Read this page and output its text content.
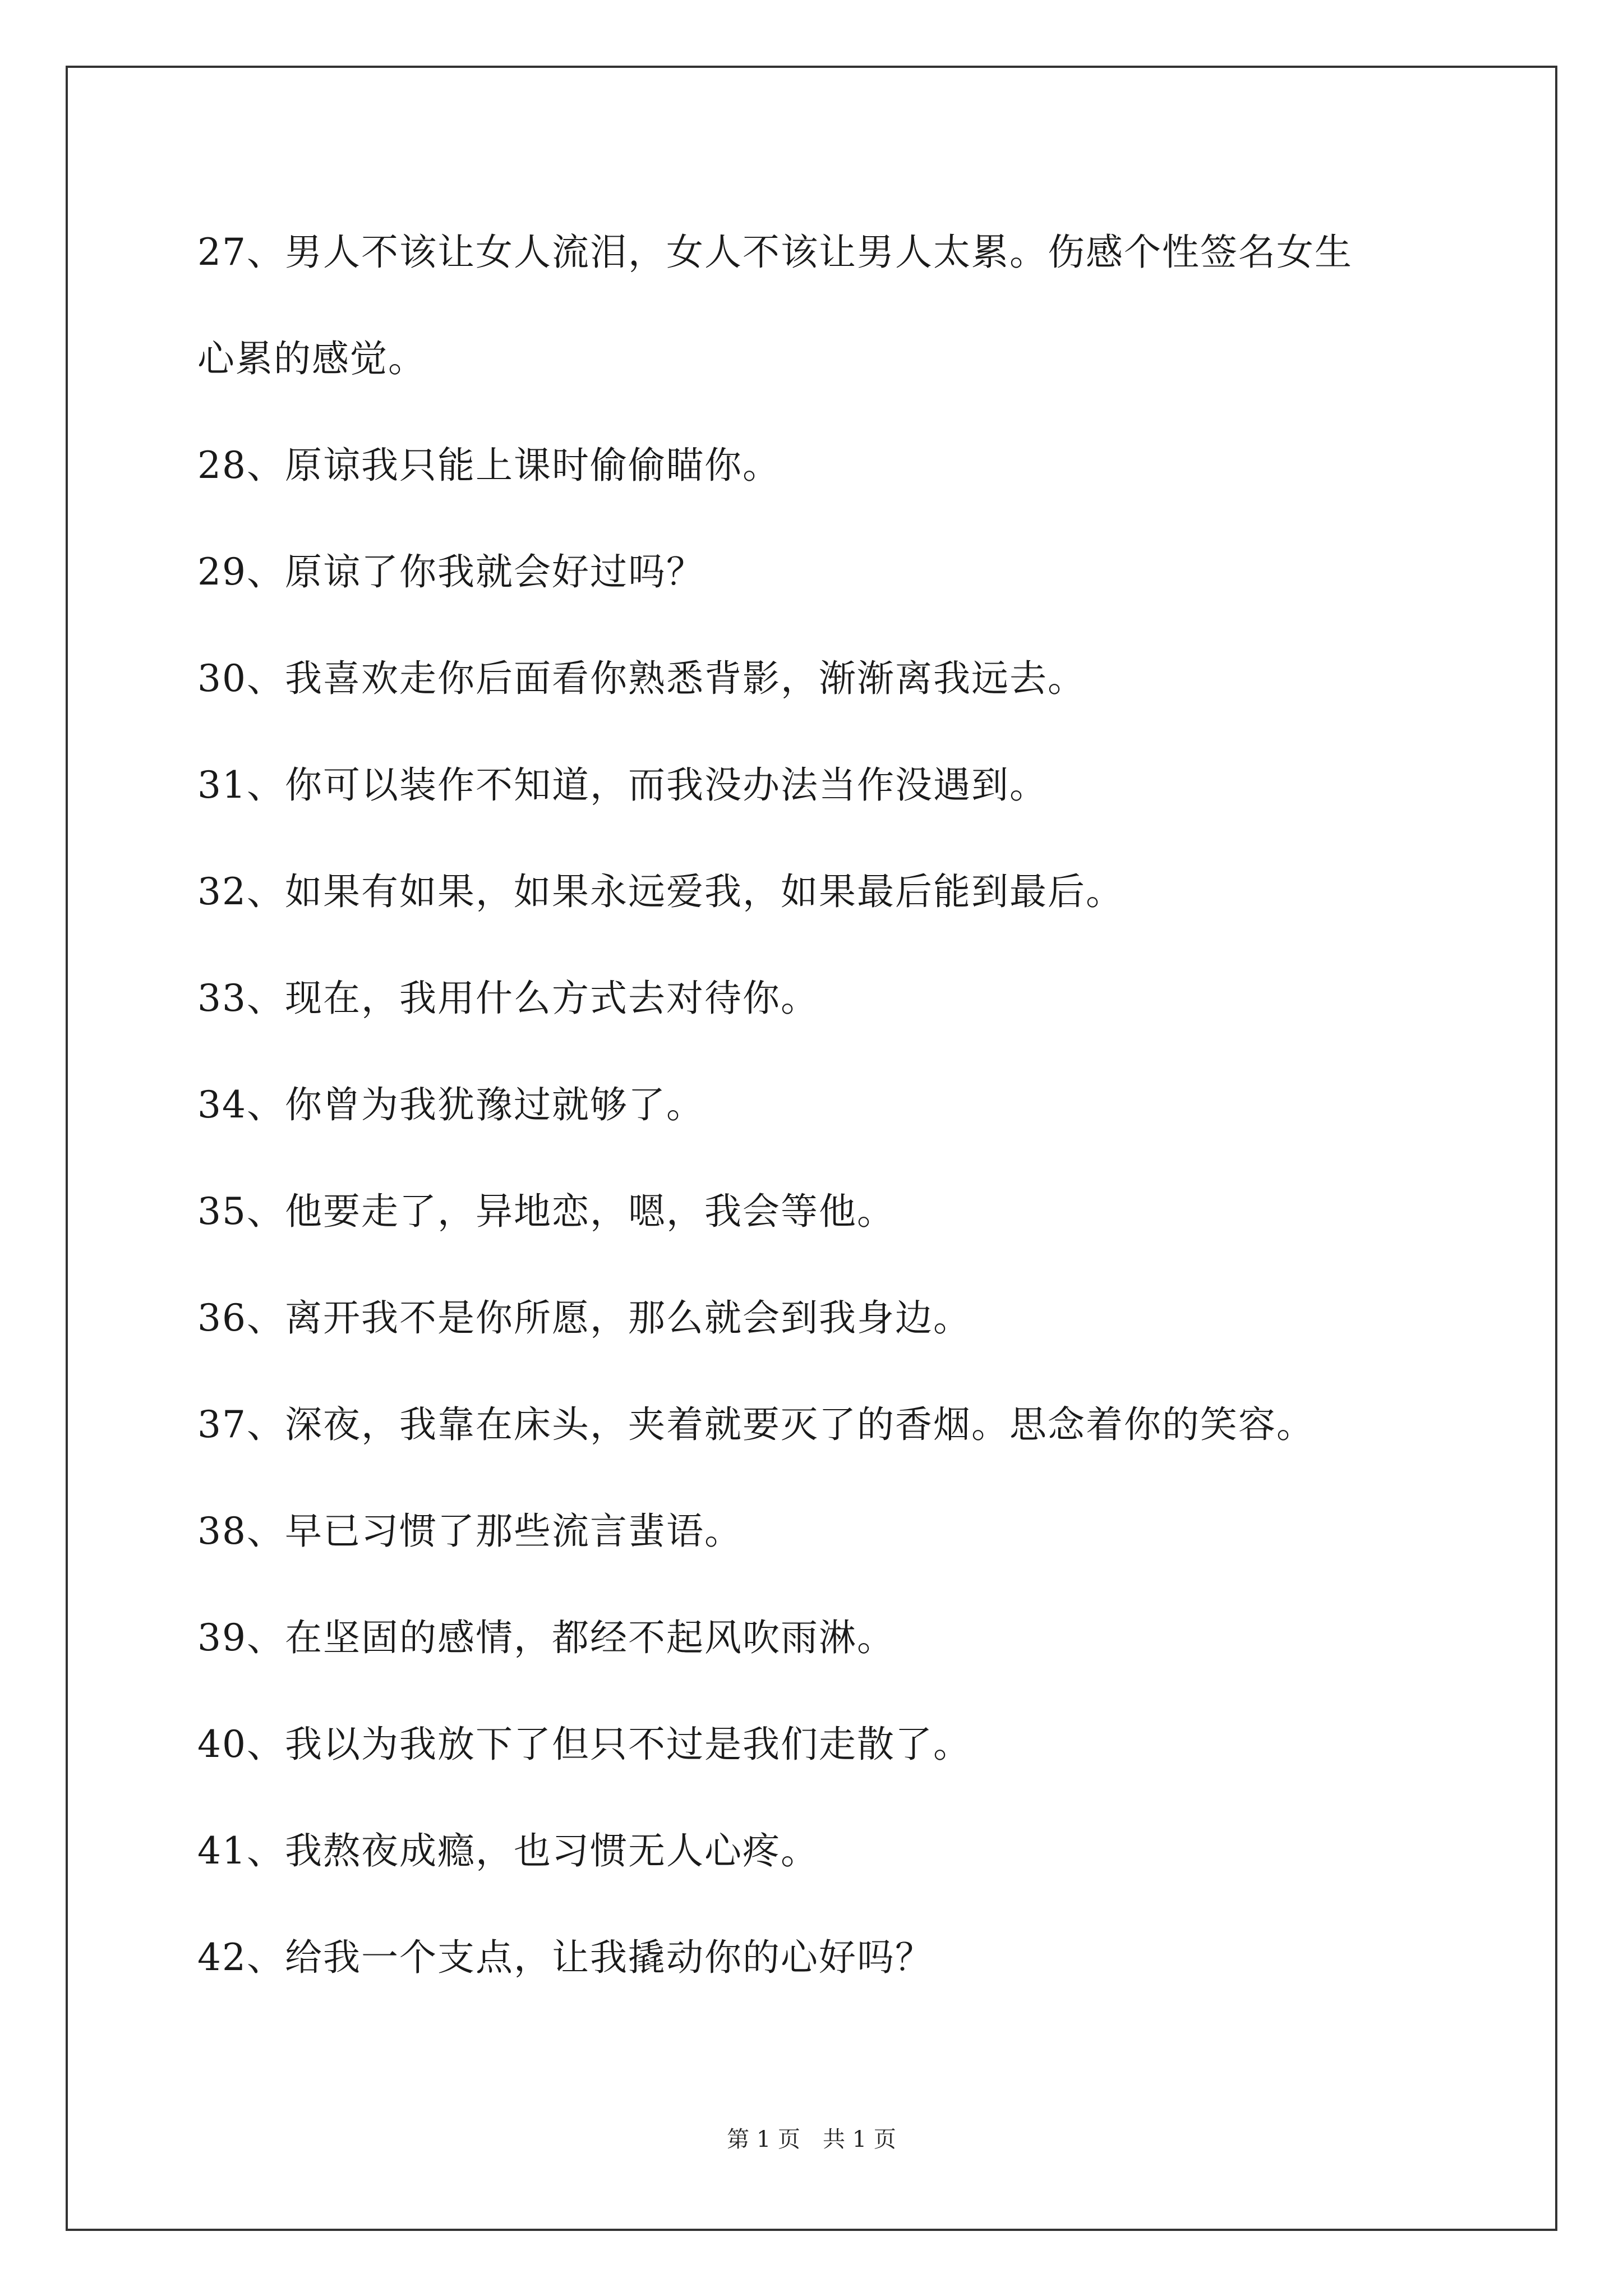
27、男人不该让女人流泪，女人不该让男人太累。伤感个性签名女生
心累的感觉。
28、原谅我只能上课时偷偷瞄你。
29、原谅了你我就会好过吗？
30、我喜欢走你后面看你熟悉背影，渐渐离我远去。
31、你可以装作不知道，而我没办法当作没遇到。
32、如果有如果，如果永远爱我，如果最后能到最后。
33、现在，我用什么方式去对待你。
34、你曾为我犹豫过就够了。
35、他要走了，异地恋，嗯，我会等他。
36、离开我不是你所愿，那么就会到我身边。
37、深夜，我靠在床头，夹着就要灭了的香烟。思念着你的笑容。
38、早已习惯了那些流言蜚语。
39、在坚固的感情，都经不起风吹雨淋。
40、我以为我放下了但只不过是我们走散了。
41、我熬夜成瘾，也习惯无人心疼。
42、给我一个支点，让我撬动你的心好吗？
第 1 页　共 1 页
